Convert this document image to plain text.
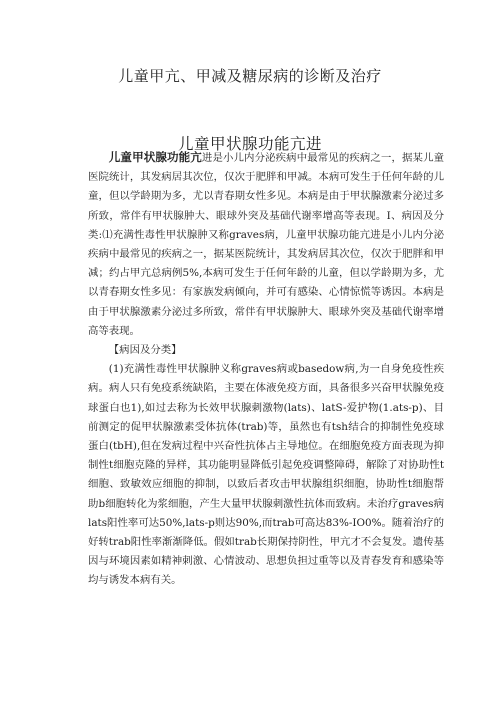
儿童甲亢、甲减及糖尿病的诊断及治疗
儿童甲状腺功能亢进

儿童甲状腺功能亢进是小儿内分泌疾病中最常见的疾病之一，据某儿童医院统计，其发病居其次位，仅次于肥胖和甲减。本病可发生于任何年龄的儿童，但以学龄期为多，尤以青春期女性多见。本病是由于甲状腺激素分泌过多所致，常伴有甲状腺肿大、眼球外突及基础代谢率增高等表现。I、病因及分类:⑴充满性毒性甲状腺肿又称graves病，儿童甲状腺功能亢进是小儿内分泌疾病中最常见的疾病之一，据某医院统计，其发病居其次位，仅次于肥胖和甲减；约占甲亢总病例5%,本病可发生于任何年龄的儿童，但以学龄期为多，尤以青春期女性多见：有家族发病倾向，并可有感染、心情惊慌等诱因。本病是由于甲状腺激素分泌过多所致，常伴有甲状腺肿大、眼球外突及基础代谢率增高等表现。

【病因及分类】

(1)充满性毒性甲状腺肿义称graves病或basedow病,为一自身免疫性疾病。病人只有免疫系统缺陷，主要在体液免疫方面，具备很多兴奋甲状腺免疫球蛋白也1),如过去称为长效甲状腺刺激物(lats)、latS-爱护物(1.ats-p)、目前测定的促甲状腺激素受体抗体(trab)等，虽然也有tsh结合的抑制性免疫球蛋白(tbH),但在发病过程中兴奋性抗体占主导地位。在细胞免疫方面表现为抑制性t细胞克隆的异样，其功能明显降低引起免疫调整障碍，解除了对协助性t细胞、致敏效应细胞的抑制，以致后者攻击甲状腺组织细胞，协助性t细胞帮助b细胞转化为浆细胞，产生大量甲状腺刺激性抗体而致病。未治疗graves病lats阳性率可达50%,lats-p则达90%,而trab可高达83%-IO0%。随着治疗的好转trab阳性率渐渐降低。假如trab长期保持阴性，甲亢才不会复发。遗传基因与环境因素如精神刺激、心情波动、思想负担过重等以及青春发育和感染等均与诱发本病有关。
